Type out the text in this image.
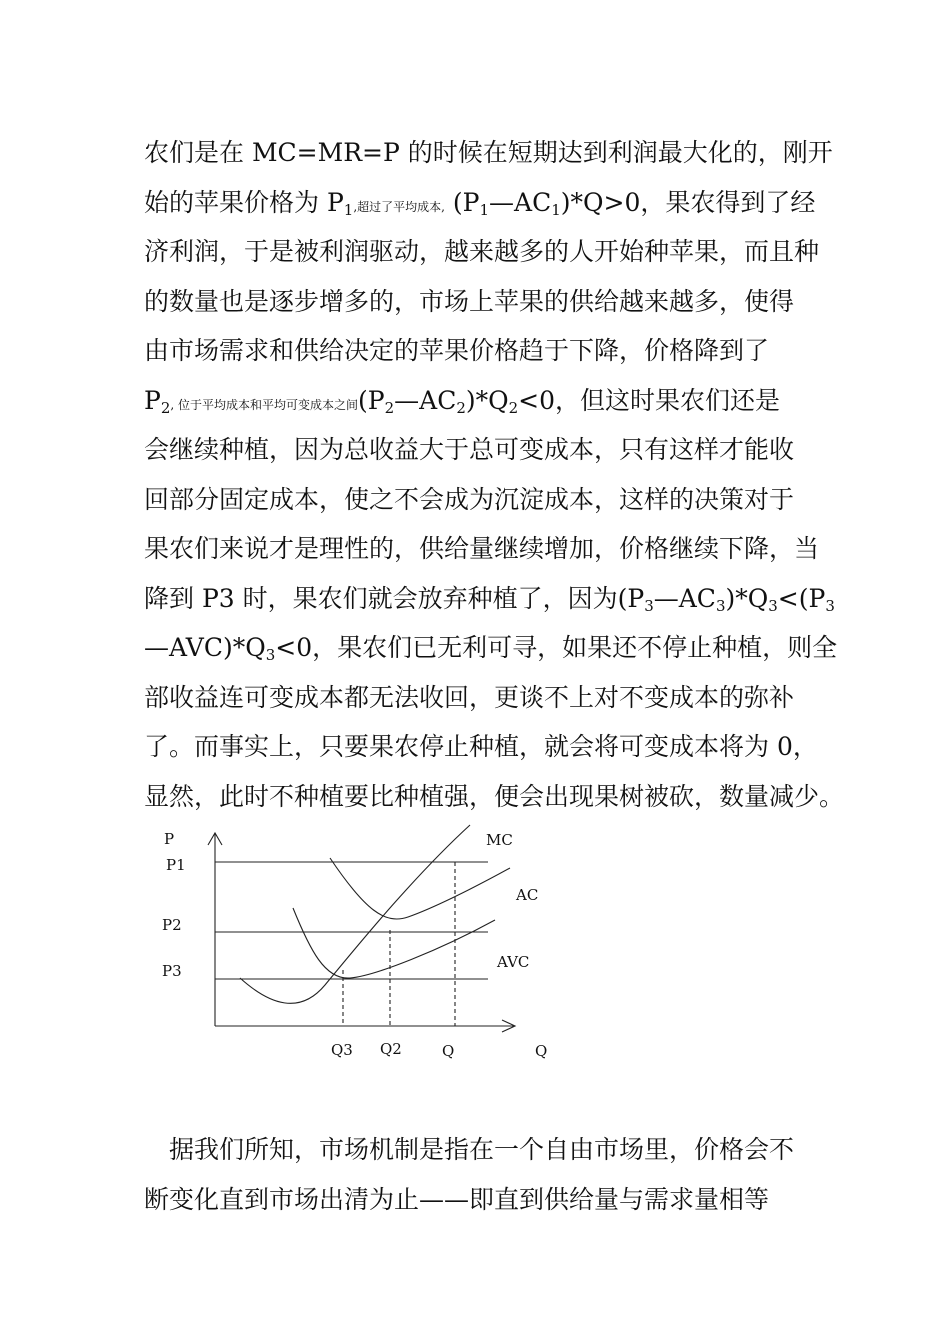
农们是在 MC=MR=P 的时候在短期达到利润最大化的，刚开
始的苹果价格为 $P_1$,超过了平均成本, $(P_1—AC_1)*Q>0$，果农得到了经
济利润，于是被利润驱动，越来越多的人开始种苹果，而且种
的数量也是逐步增多的，市场上苹果的供给越来越多，使得
由市场需求和供给决定的苹果价格趋于下降，价格降到了
$P_2$, 位于平均成本和平均可变成本之间$(P_2—AC_2)*Q_2<0$，但这时果农们还是
会继续种植，因为总收益大于总可变成本，只有这样才能收
回部分固定成本，使之不会成为沉淀成本，这样的决策对于
果农们来说才是理性的，供给量继续增加，价格继续下降，当
降到 P3 时，果农们就会放弃种植了，因为$(P_3—AC_3)*Q_3<(P_3$
$—AVC)*Q_3<0$，果农们已无利可寻，如果还不停止种植，则全
部收益连可变成本都无法收回，更谈不上对不变成本的弥补
了。而事实上，只要果农停止种植，就会将可变成本将为 0，
显然，此时不种植要比种植强，便会出现果树被砍，数量减少。
P
P1
P2
P3
MC
AC
AVC
Q3 Q2	Q	Q
据我们所知，市场机制是指在一个自由市场里，价格会不
断变化直到市场出清为止——即直到供给量与需求量相等
